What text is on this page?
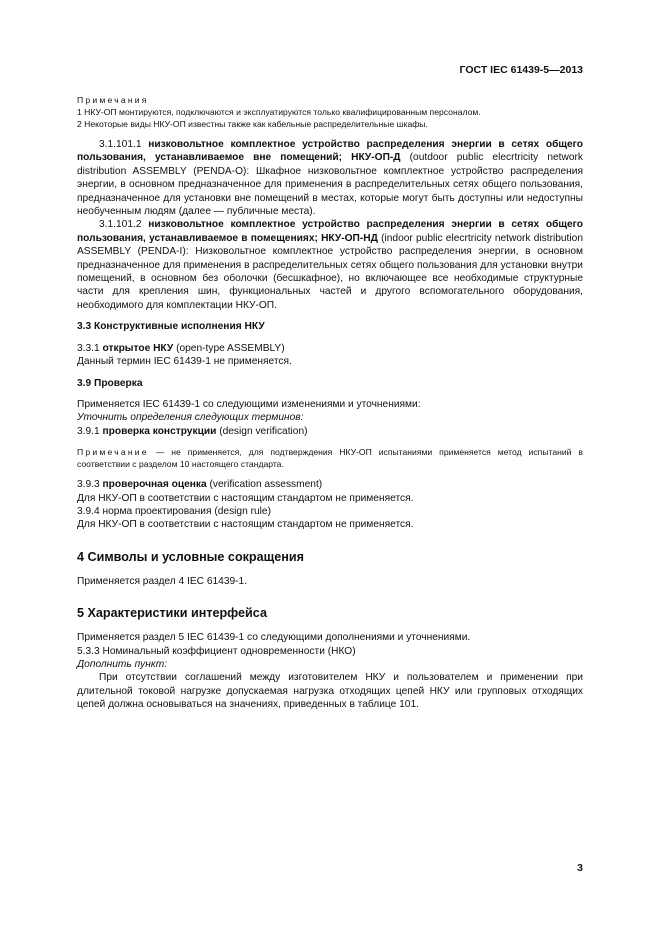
ГОСТ IEC 61439-5—2013

Примечания

1 НКУ-ОП монтируются, подключаются и эксплуатируются только квалифицированным персоналом.

2 Некоторые виды НКУ-ОП известны также как кабельные распределительные шкафы.

3.1.101.1 низковольтное комплектное устройство распределения энергии в сетях общего пользования, устанавливаемое вне помещений; НКУ-ОП-Д (outdoor public elecrtricity network distribution ASSEMBLY (PENDA-O): Шкафное низковольтное комплектное устройство распределения энергии, в основном предназначенное для применения в распределительных сетях общего пользования, предназначенное для установки вне помещений в местах, которые могут быть доступны или недоступны необученным людям (далее — публичные места).

3.1.101.2 низковольтное комплектное устройство распределения энергии в сетях общего пользования, устанавливаемое в помещениях; НКУ-ОП-НД (indoor public elecrtricity network distribution ASSEMBLY (PENDA-I): Низковольтное комплектное устройство распределения энергии, в основном предназначенное для применения в распределительных сетях общего пользования для установки внутри помещений, в основном без оболочки (бесшкафное), но включающее все необходимые структурные части для крепления шин, функциональных частей и другого вспомогательного оборудования, необходимого для комплектации НКУ-ОП.

3.3 Конструктивные исполнения НКУ

3.3.1 открытое НКУ (open-type ASSEMBLY)

Данный термин IEC 61439-1 не применяется.

3.9 Проверка

Применяется IEC 61439-1 со следующими изменениями и уточнениями:

Уточнить определения следующих терминов:

3.9.1 проверка конструкции (design verification)

Примечание — не применяется, для подтверждения НКУ-ОП испытаниями применяется метод испытаний в соответствии с разделом 10 настоящего стандарта.

3.9.3 проверочная оценка (verification assessment)

Для НКУ-ОП в соответствии с настоящим стандартом не применяется.

3.9.4 норма проектирования (design rule)

Для НКУ-ОП в соответствии с настоящим стандартом не применяется.

4 Символы и условные сокращения

Применяется раздел 4 IEC 61439-1.

5 Характеристики интерфейса

Применяется раздел 5 IEC 61439-1 со следующими дополнениями и уточнениями.

5.3.3 Номинальный коэффициент одновременности (НКО)

Дополнить пункт:

При отсутствии соглашений между изготовителем НКУ и пользователем и применении при длительной токовой нагрузке допускаемая нагрузка отходящих цепей НКУ или групповых отходящих цепей должна основываться на значениях, приведенных в таблице 101.

3
